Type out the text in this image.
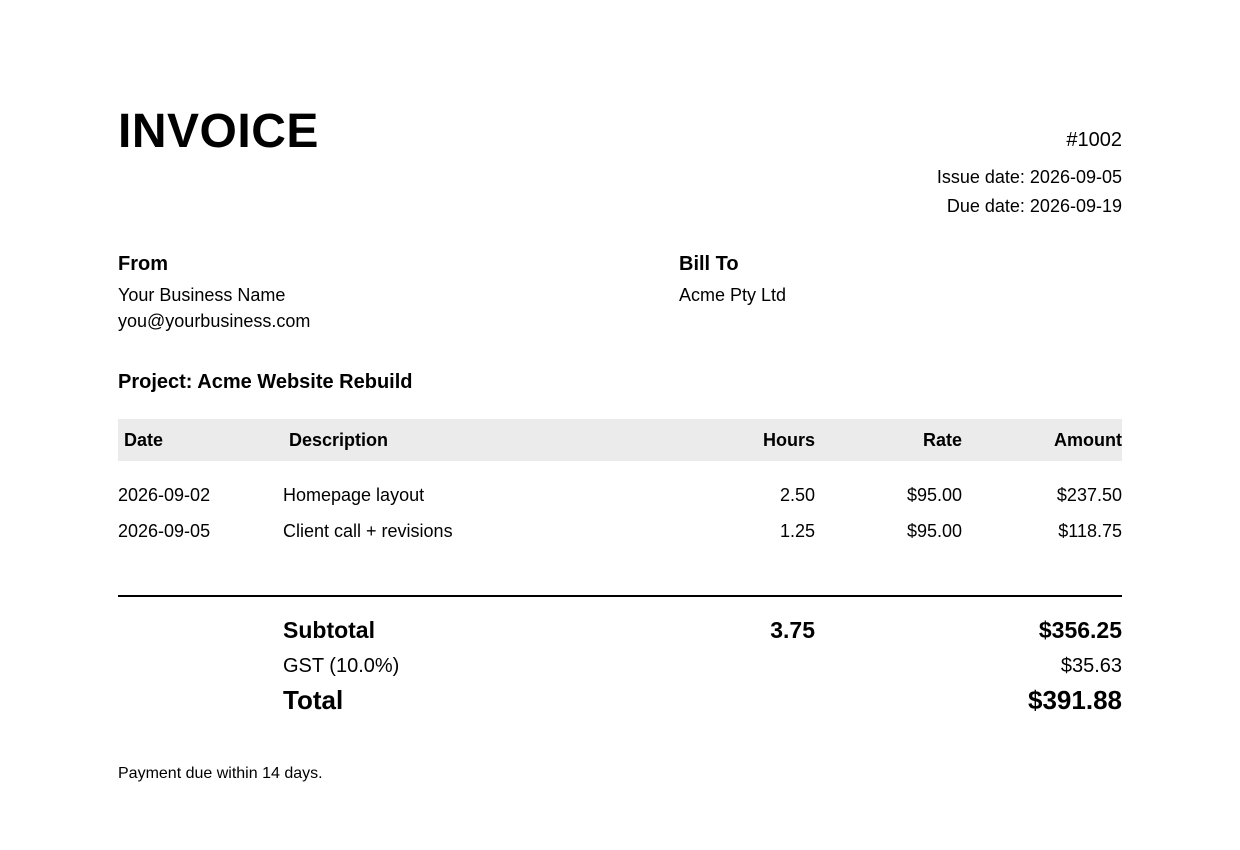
INVOICE	#1002
Issue date: 2026-09-05
Due date: 2026-09-19
From
Your Business Name
you@yourbusiness.com
Bill To
Acme Pty Ltd
Project: Acme Website Rebuild
Date	Description	Hours	Rate	Amount
2026-09-02	Homepage layout	2.50	$95.00	$237.50
2026-09-05	Client call + revisions	1.25	$95.00	$118.75
Subtotal	3.75	$356.25
GST (10.0%)	$35.63
Total	$391.88
Payment due within 14 days.
